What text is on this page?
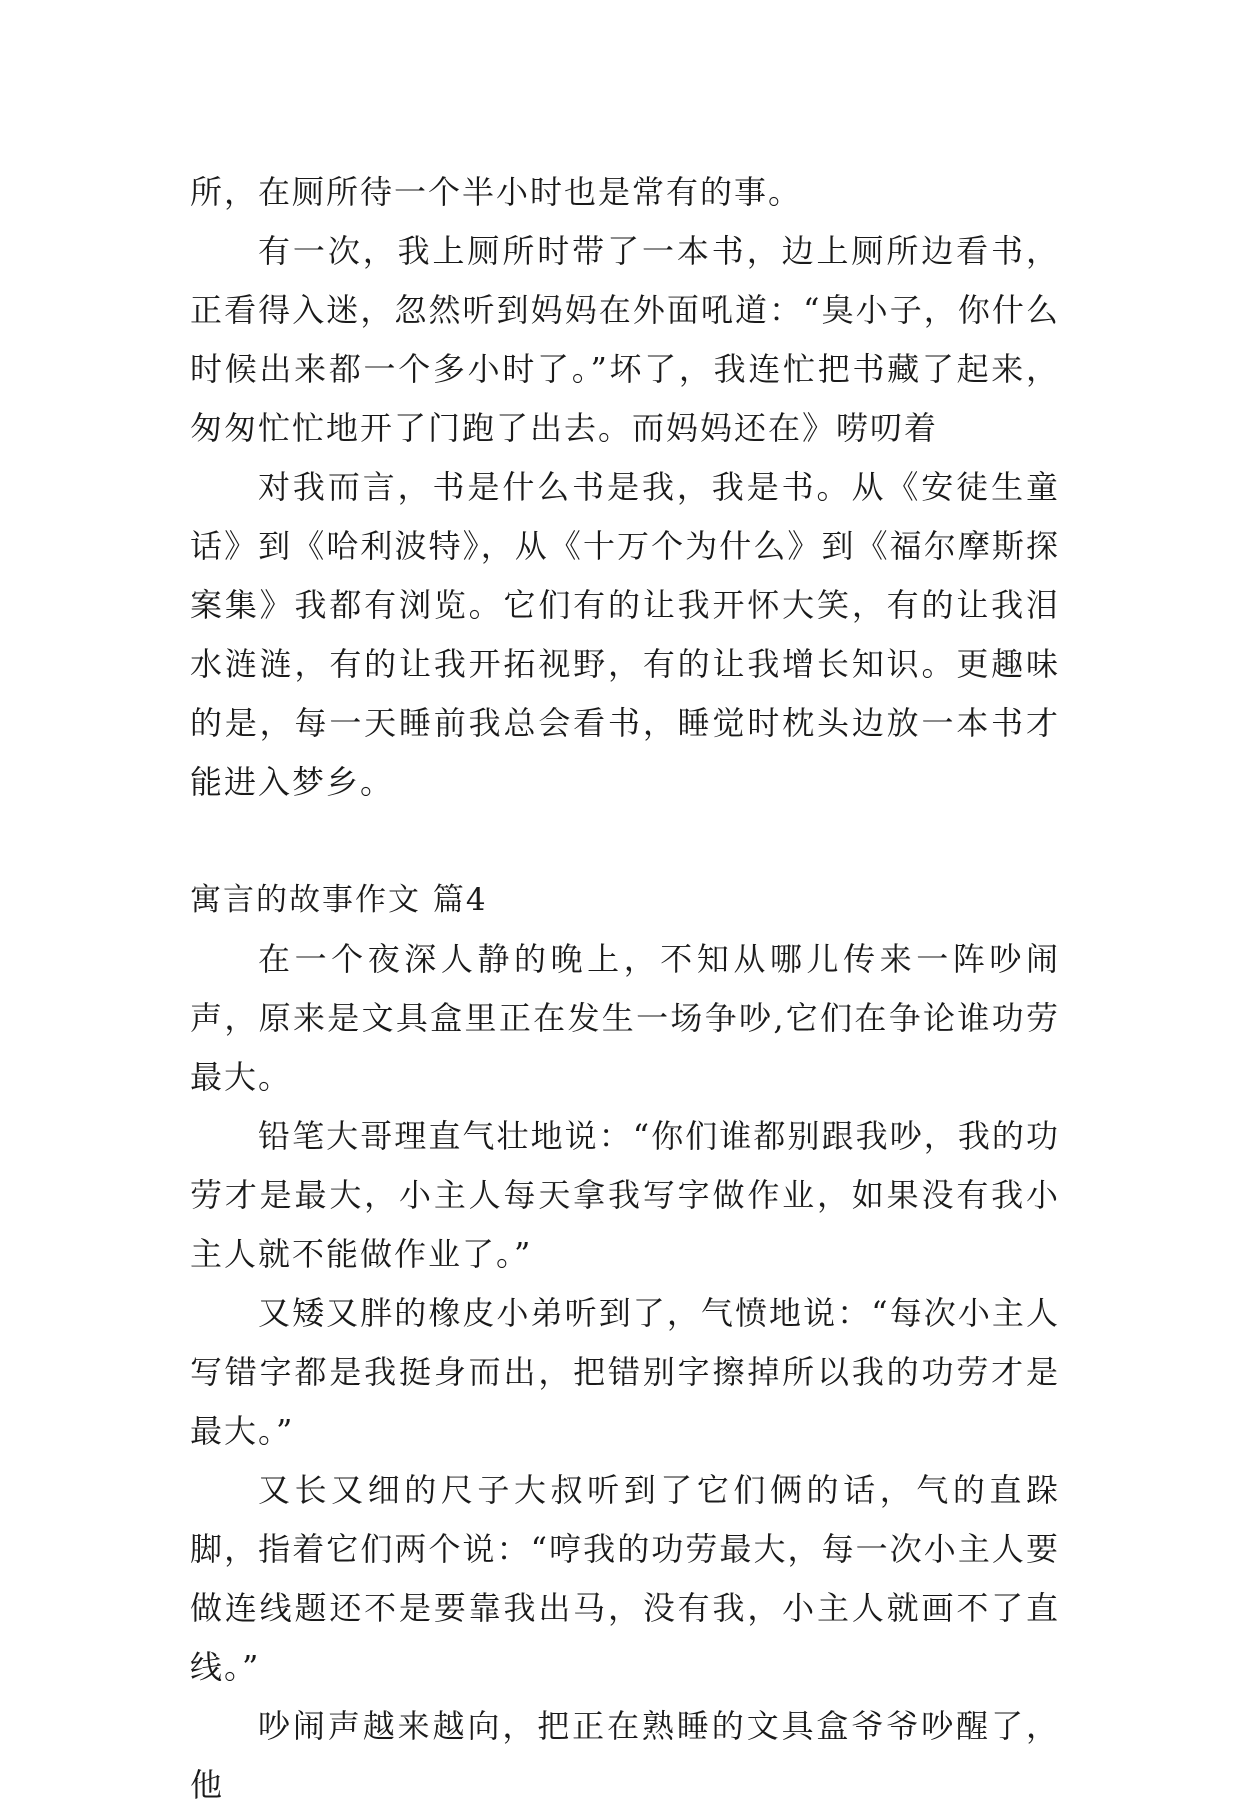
所，在厕所待一个半小时也是常有的事。

有一次，我上厕所时带了一本书，边上厕所边看书，正看得入迷，忽然听到妈妈在外面吼道：“臭小子，你什么时候出来都一个多小时了。”坏了，我连忙把书藏了起来，匆匆忙忙地开了门跑了出去。而妈妈还在》唠叨着

对我而言，书是什么书是我，我是书。从《安徒生童话》到《哈利波特》，从《十万个为什么》到《福尔摩斯探案集》我都有浏览。它们有的让我开怀大笑，有的让我泪水涟涟，有的让我开拓视野，有的让我增长知识。更趣味的是，每一天睡前我总会看书，睡觉时枕头边放一本书才能进入梦乡。

寓言的故事作文 篇4

在一个夜深人静的晚上，不知从哪儿传来一阵吵闹声，原来是文具盒里正在发生一场争吵,它们在争论谁功劳最大。

铅笔大哥理直气壮地说：“你们谁都别跟我吵，我的功劳才是最大，小主人每天拿我写字做作业，如果没有我小主人就不能做作业了。”

又矮又胖的橡皮小弟听到了，气愤地说：“每次小主人写错字都是我挺身而出，把错别字擦掉所以我的功劳才是最大。”

又长又细的尺子大叔听到了它们俩的话，气的直跺脚，指着它们两个说：“哼我的功劳最大，每一次小主人要做连线题还不是要靠我出马，没有我，小主人就画不了直线。”

吵闹声越来越向，把正在熟睡的文具盒爷爷吵醒了，他
